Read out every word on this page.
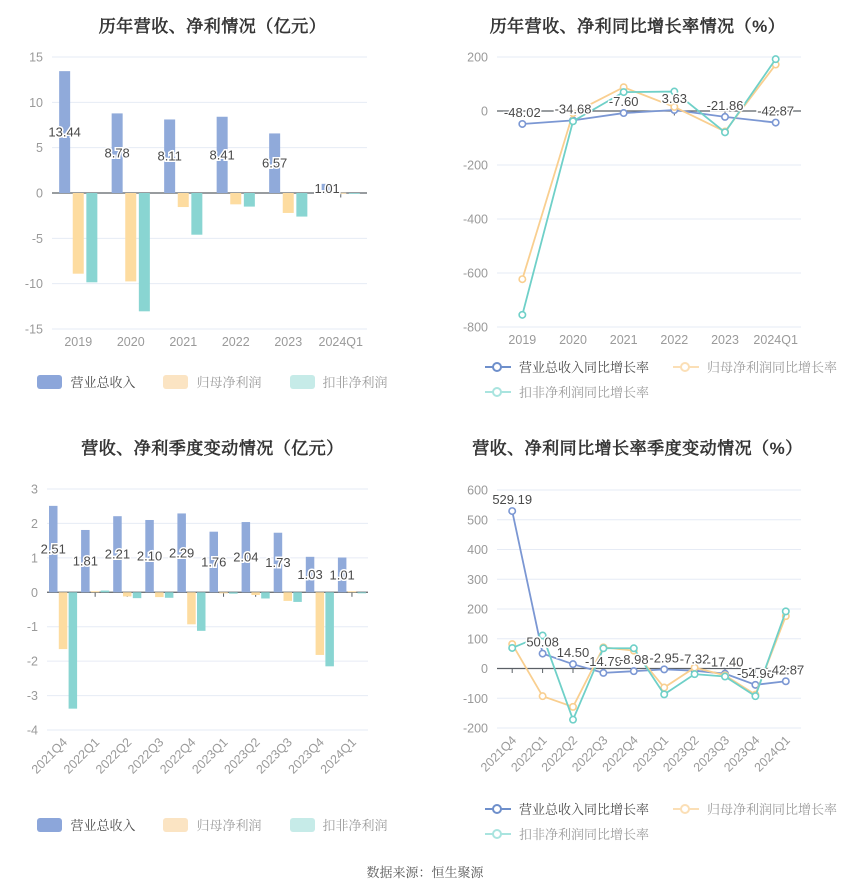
历年营收、净利情况（亿元）
15
10
5
0
-5
-10
-15
2019 2020 2021 2022 2023 2024Q1
13.44
8.78 8.11 8.41
6.57
1.01
营业总收入	归母净利润	扣非净利润
历年营收、净利同比增长率情况（%）
200
0
-200
-400
-600
-800
2019 2020 2021 2022 2023 2024Q1
-48.02 -34.68 -7.60 3.63 -21.86 -42.87
营业总收入同比增长率	归母净利润同比增长率
扣非净利润同比增长率
营收、净利季度变动情况（亿元）
3
2
1
0
-1
-2
-3
-4
2021Q4
2022Q1
2022Q2
2022Q3
2022Q4
2023Q1
2023Q2
2023Q3
2023Q4
2024Q1
2.51
1.81 2.21 2.10 2.29
1.76 2.04 1.73
1.03 1.01
营业总收入	归母净利润	扣非净利润
营收、净利同比增长率季度变动情况（%）
600
500
400
300
200
100
0
-100
-200
2021Q4
2022Q1
2022Q2
2022Q3
2022Q4
2023Q1
2023Q2
2023Q3
2023Q4
2024Q1
529.19
50.08
14.50
-14.79
-8.98 -2.95 -7.32
-17.40
-54.96
-42.87
营业总收入同比增长率	归母净利润同比增长率
扣非净利润同比增长率
数据来源：恒生聚源
